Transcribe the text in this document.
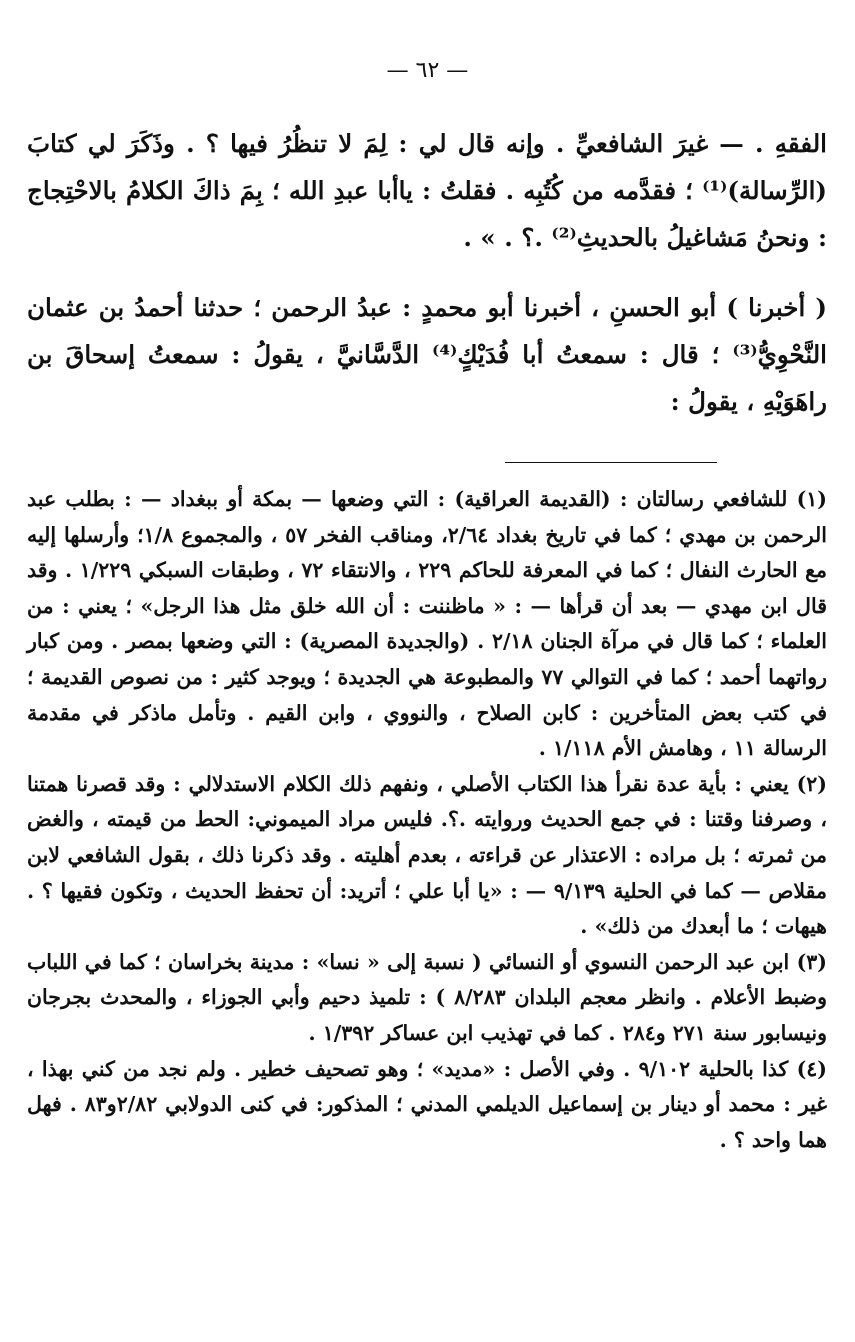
— ٦٢ —

الفقهِ . — غيرَ الشافعيِّ . وإنه قال لي : لِمَ لا تنظُرُ فيها ؟ . وذَكَرَ لي كتابَ (الرِّسالة)⁽¹⁾ ؛ فقدَّمه من كُتُبِه . فقلتُ : ياأبا عبدِ الله ؛ بِمَ ذاكَ الكلامُ بالاحْتِجاج : ونحنُ مَشاغيلُ بالحديثِ⁽²⁾ .؟ . » .

( أخبرنا ) أبو الحسنِ ، أخبرنا أبو محمدٍ : عبدُ الرحمن ؛ حدثنا أحمدُ بن عثمان النَّحْوِيُّ⁽³⁾ ؛ قال : سمعتُ أبا فُدَيْكٍ⁽⁴⁾ الدَّسَّانيَّ ، يقولُ : سمعتُ إسحاقَ بن راهَوَيْهِ ، يقولُ :

(١) للشافعي رسالتان : (القديمة العراقية) : التي وضعها — بمكة أو ببغداد — : بطلب عبد الرحمن بن مهدي ؛ كما في تاريخ بغداد ٢/٦٤، ومناقب الفخر ٥٧ ، والمجموع ١/٨؛ وأرسلها إليه مع الحارث النفال ؛ كما في المعرفة للحاكم ٢٢٩ ، والانتقاء ٧٢ ، وطبقات السبكي ١/٢٢٩ . وقد قال ابن مهدي — بعد أن قرأها — : « ماظننت : أن الله خلق مثل هذا الرجل» ؛ يعني : من العلماء ؛ كما قال في مرآة الجنان ٢/١٨ . (والجديدة المصرية) : التي وضعها بمصر . ومن كبار رواتهما أحمد ؛ كما في التوالي ٧٧ والمطبوعة هي الجديدة ؛ ويوجد كثير : من نصوص القديمة ؛ في كتب بعض المتأخرين : كابن الصلاح ، والنووي ، وابن القيم . وتأمل ماذكر في مقدمة الرسالة ١١ ، وهامش الأم ١/١١٨ .

(٢) يعني : بأية عدة نقرأ هذا الكتاب الأصلي ، ونفهم ذلك الكلام الاستدلالي : وقد قصرنا همتنا ، وصرفنا وقتنا : في جمع الحديث وروايته .؟. فليس مراد الميموني: الحط من قيمته ، والغض من ثمرته ؛ بل مراده : الاعتذار عن قراءته ، بعدم أهليته . وقد ذكرنا ذلك ، بقول الشافعي لابن مقلاص — كما في الحلية ٩/١٣٩ — : «يا أبا علي ؛ أتريد: أن تحفظ الحديث ، وتكون فقيها ؟ . هيهات ؛ ما أبعدك من ذلك» .

(٣) ابن عبد الرحمن النسوي أو النسائي ( نسبة إلى « نسا» : مدينة بخراسان ؛ كما في اللباب وضبط الأعلام . وانظر معجم البلدان ٨/٢٨٣ ) : تلميذ دحيم وأبي الجوزاء ، والمحدث بجرجان ونيسابور سنة ٢٧١ و٢٨٤ . كما في تهذيب ابن عساكر ١/٣٩٢ .

(٤) كذا بالحلية ٩/١٠٢ . وفي الأصل : «مديد» ؛ وهو تصحيف خطير . ولم نجد من كني بهذا ، غير : محمد أو دينار بن إسماعيل الديلمي المدني ؛ المذكور: في كنى الدولابي ٢/٨٢و٨٣ . فهل هما واحد ؟ .
